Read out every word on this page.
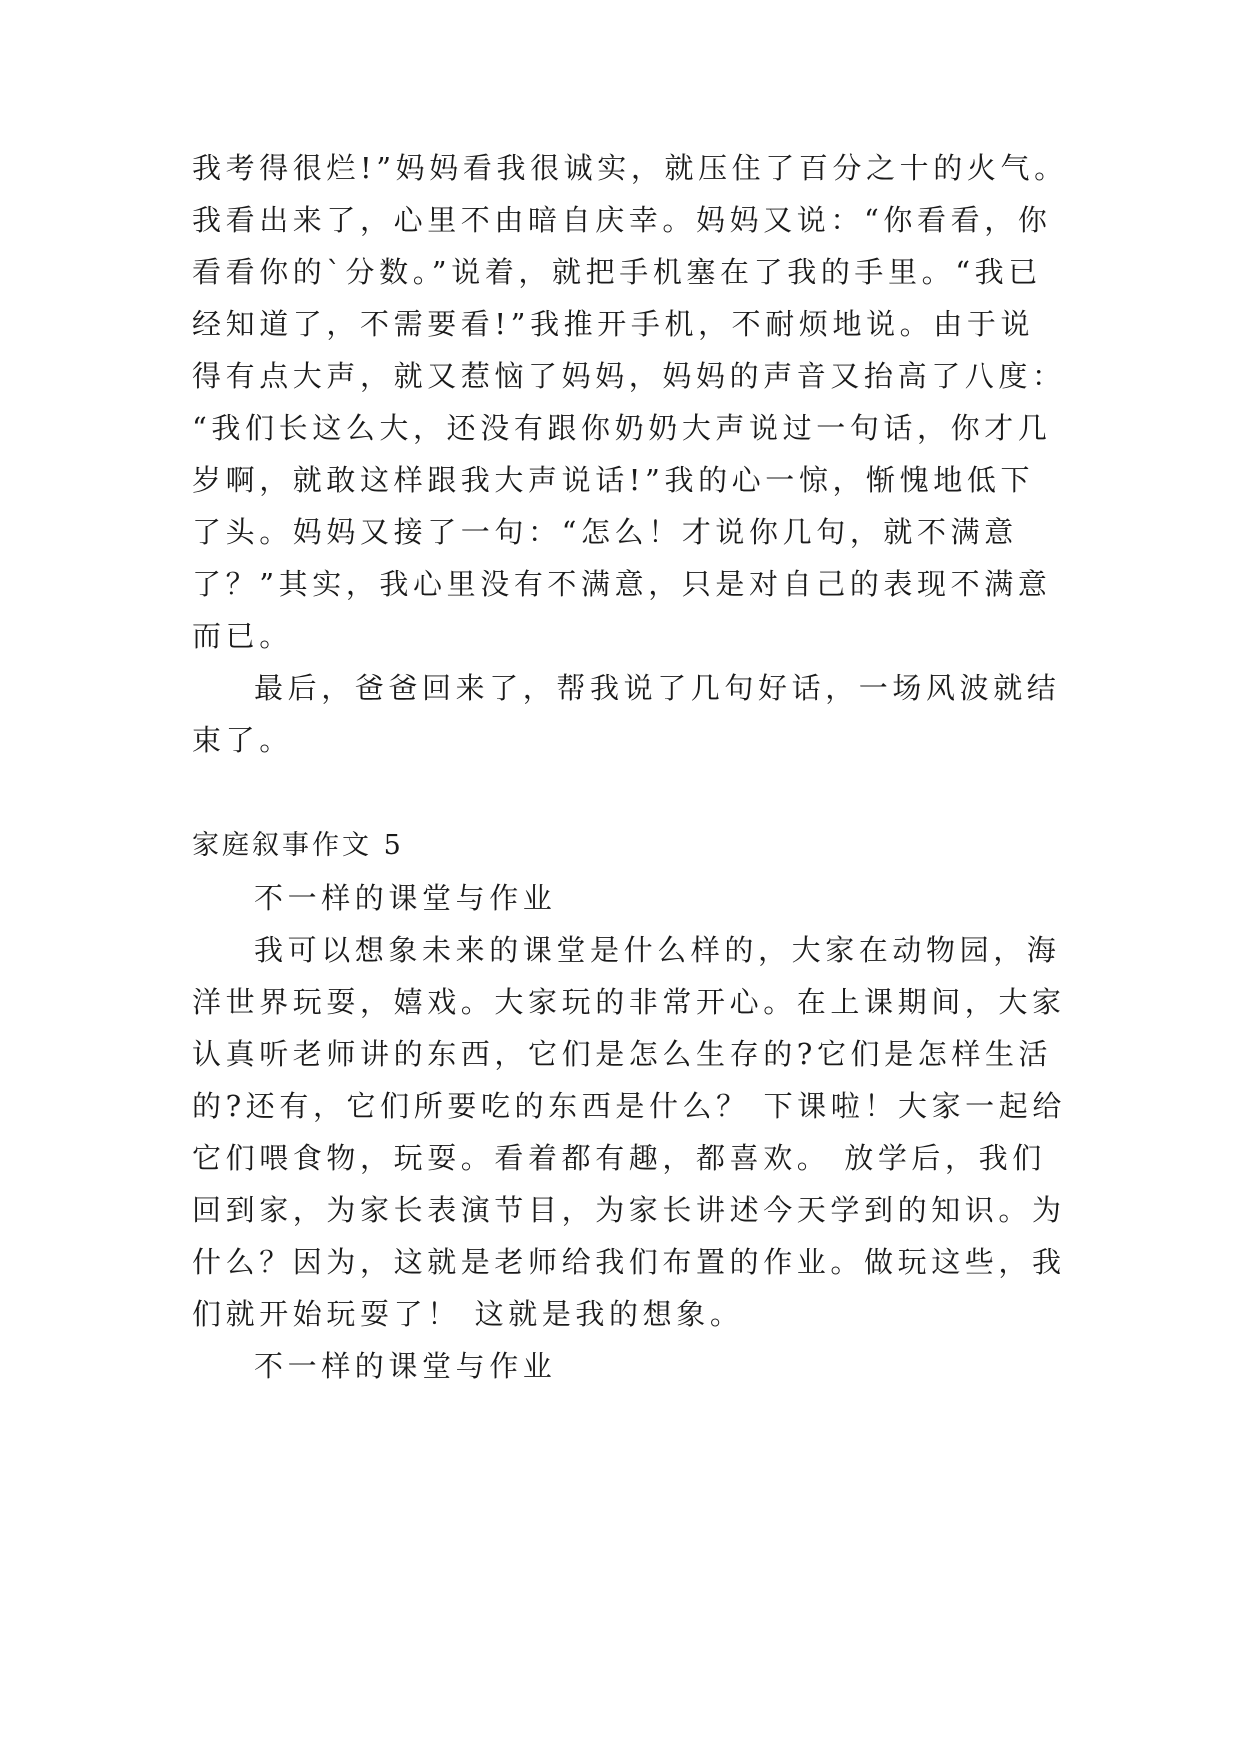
我考得很烂!”妈妈看我很诚实，就压住了百分之十的火气。
我看出来了，心里不由暗自庆幸。妈妈又说：“你看看，你
看看你的`分数。”说着，就把手机塞在了我的手里。“我已
经知道了，不需要看!”我推开手机，不耐烦地说。由于说
得有点大声，就又惹恼了妈妈，妈妈的声音又抬高了八度：
“我们长这么大，还没有跟你奶奶大声说过一句话，你才几
岁啊，就敢这样跟我大声说话!”我的心一惊，惭愧地低下
了头。妈妈又接了一句：“怎么！才说你几句，就不满意
了？”其实，我心里没有不满意，只是对自己的表现不满意
而已。
最后，爸爸回来了，帮我说了几句好话，一场风波就结
束了。
家庭叙事作文 5
不一样的课堂与作业
我可以想象未来的课堂是什么样的，大家在动物园，海
洋世界玩耍，嬉戏。大家玩的非常开心。在上课期间，大家
认真听老师讲的东西，它们是怎么生存的?它们是怎样生活
的?还有，它们所要吃的东西是什么？ 下课啦！大家一起给
它们喂食物，玩耍。看着都有趣，都喜欢。 放学后，我们
回到家，为家长表演节目，为家长讲述今天学到的知识。为
什么？因为，这就是老师给我们布置的作业。做玩这些，我
们就开始玩耍了！ 这就是我的想象。
不一样的课堂与作业
